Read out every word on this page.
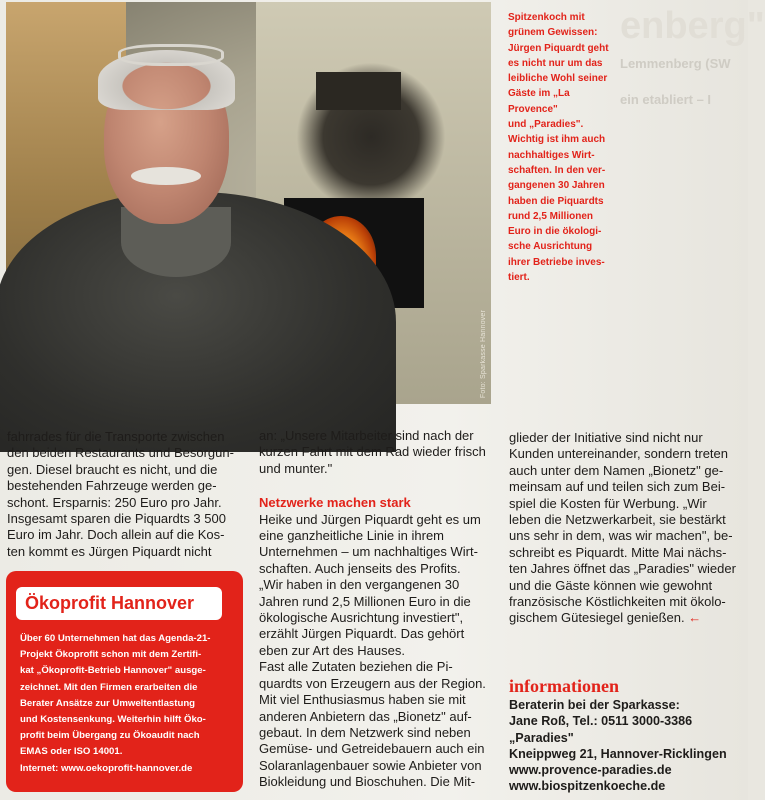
Foto: Sparkasse Hannover
Spitzenkoch mit
grünem Gewissen:
Jürgen Piquardt geht
es nicht nur um das
leibliche Wohl seiner
Gäste im „La Provence"
und „Paradies".
Wichtig ist ihm auch
nachhaltiges Wirt-
schaften. In den ver-
gangenen 30 Jahren
haben die Piquardts
rund 2,5 Millionen
Euro in die ökologi-
sche Ausrichtung
ihrer Betriebe inves-
tiert.
enberg"
Lemmenberg (SW
ein etabliert – I

fahrrades für die Transporte zwischen

den beiden Restaurants und Besorgun-

gen. Diesel braucht es nicht, und die

bestehenden Fahrzeuge werden ge-

schont. Ersparnis: 250 Euro pro Jahr.

Insgesamt sparen die Piquardts 3 500

Euro im Jahr. Doch allein auf die Kos-

ten kommt es Jürgen Piquardt nicht

Ökoprofit Hannover
Über 60 Unternehmen hat das Agenda-21-
Projekt Ökoprofit schon mit dem Zertifi-
kat „Ökoprofit-Betrieb Hannover" ausge-
zeichnet. Mit den Firmen erarbeiten die
Berater Ansätze zur Umweltentlastung
und Kostensenkung. Weiterhin hilft Öko-
profit beim Übergang zu Ökoaudit nach
EMAS oder ISO 14001.
Internet: www.oekoprofit-hannover.de

an: „Unsere Mitarbeiter sind nach der

kurzen Fahrt mit dem Rad wieder frisch

und munter."

Netzwerke machen stark

Heike und Jürgen Piquardt geht es um

eine ganzheitliche Linie in ihrem

Unternehmen – um nachhaltiges Wirt-

schaften. Auch jenseits des Profits.

„Wir haben in den vergangenen 30

Jahren rund 2,5 Millionen Euro in die

ökologische Ausrichtung investiert",

erzählt Jürgen Piquardt. Das gehört

eben zur Art des Hauses.

Fast alle Zutaten beziehen die Pi-

quardts von Erzeugern aus der Region.

Mit viel Enthusiasmus haben sie mit

anderen Anbietern das „Bionetz" auf-

gebaut. In dem Netzwerk sind neben

Gemüse- und Getreidebauern auch ein

Solaranlagenbauer sowie Anbieter von

Biokleidung und Bioschuhen. Die Mit-

glieder der Initiative sind nicht nur

Kunden untereinander, sondern treten

auch unter dem Namen „Bionetz" ge-

meinsam auf und teilen sich zum Bei-

spiel die Kosten für Werbung. „Wir

leben die Netzwerkarbeit, sie bestärkt

uns sehr in dem, was wir machen", be-

schreibt es Piquardt. Mitte Mai nächs-

ten Jahres öffnet das „Paradies" wieder

und die Gäste können wie gewohnt

französische Köstlichkeiten mit ökolo-

gischem Gütesiegel genießen. ←

informationen
Beraterin bei der Sparkasse:
Jane Roß, Tel.: 0511 3000-3386
„Paradies"
Kneippweg 21, Hannover-Ricklingen
www.provence-paradies.de
www.biospitzenkoeche.de
